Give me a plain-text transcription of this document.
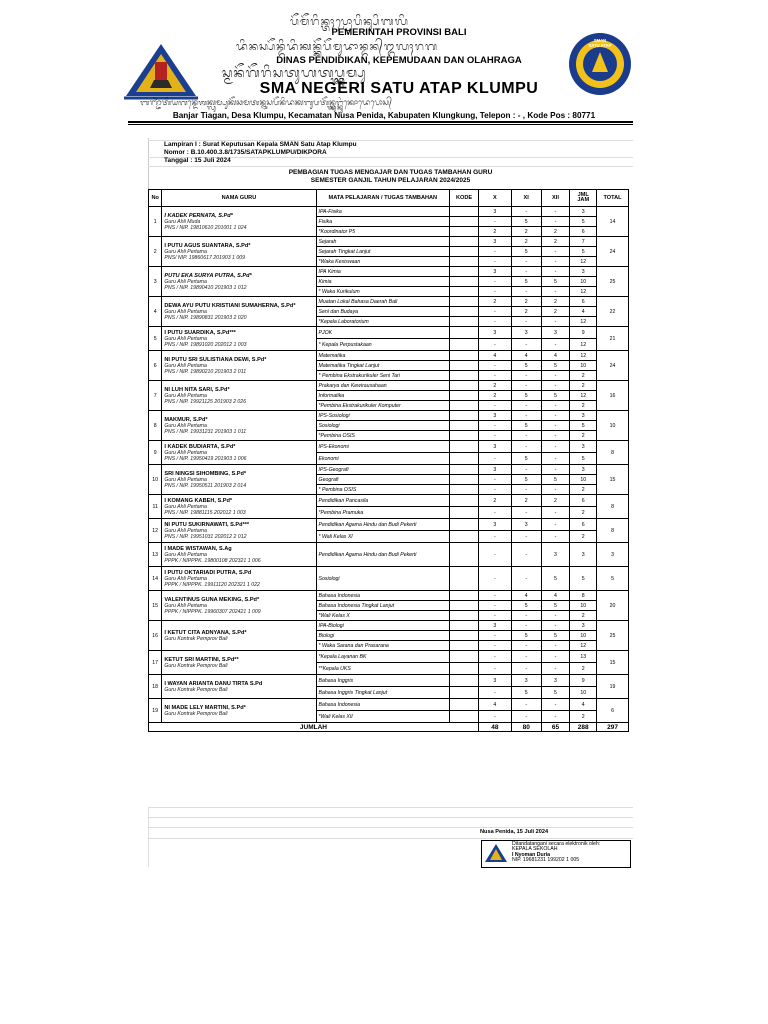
ᬧᭂᬫᭂᬭᬶᬦ᭄ᬢᬄᬧ᭄ᬭᭀᬧᬶᬦ᭄ᬲᬶᬩᬮᬶ
PEMERINTAH PROVINSI BALI
ᬤᬶᬦᬲ᭄ᬧᭂᬦ᭄ᬤᬶᬤᬶᬓᬦ᭄ᬓᭂᬧᭂᬫᬸᬤᬵᬦ᭄ᬤᬦ᭄ᬑᬮᬄᬭᬕ
DINAS PENDIDIKAN, KEPEMUDAAN DAN OLAHRAGA
ᬲ᭄ᬫᬦᭂᬕᭂᬭᬶᬲᬢᬸᬳᬢᬧ᭄ᬓ᭄ᬮᬸᬫ᭄ᬧᬸ
SMA NEGERI SATU ATAP KLUMPU
ᬩᬜ᭄ᬚᬃᬢᬶᬬᬕᬦ᭄ᬤᬾᬰᬓ᭄ᬮᬸᬫ᭄ᬧᬸᬓᭂᬘᬫᬢᬦ᭄ᬦᬸᬲᬧᭂᬦᬶᬤᬓᬩᬸᬧᬢᭂᬦ᭄ᬓ᭄ᬮᬸᬗ᭄ᬓᬸᬂᬓᭀᬤᬾᬧᭀᬲ᭄
Banjar Tiagan, Desa Klumpu, Kecamatan Nusa Penida, Kabupaten Klungkung, Telepon : - , Kode Pos : 80771
SMAN
SATU ATAP
Lampiran I : Surat Keputusan Kepala SMAN Satu Atap Klumpu
Nomor : B.10.400.3.8/1735/SATAPKLUMPU/DIKPORA
Tanggal : 15 Juli 2024
PEMBAGIAN TUGAS MENGAJAR DAN TUGAS TAMBAHAN GURU
SEMESTER GANJIL TAHUN PELAJARAN 2024/2025
No	NAMA GURU	MATA PELAJARAN / TUGAS TAMBAHAN	KODE	X	XI	XII	JML JAM	TOTAL
1	I KADEK PERNATA, S.Pd*
Guru Ahli Muda
PNS / NIP. 19810610 201001 1 024	IPA-Fisika		3	-	-	3	14
		Fisika		-	5	-	5	
		*Koordinator P5		2	2	2	6	
2	I PUTU AGUS SUANTARA, S.Pd*
Guru Ahli Pertama
PNS/ NIP. 19860617 201903 1 009	Sejarah		3	2	2	7	24
		Sejarah Tingkat Lanjut		-	5	-	5	
		*Waka Kesiswaan		-	-	-	12	
3	PUTU EKA SURYA PUTRA, S.Pd*
Guru Ahli Pertama
PNS / NIP. 19890410 201903 1 012	IPA Kimia		3	-	-	3	25
		Kimia		-	5	5	10	
		* Waka Kurikulum		-	-	-	12	
4	DEWA AYU PUTU KRISTIANI SUMAHERNA, S.Pd*
Guru Ahli Pertama
PNS / NIP. 19890831 201903 2 020	Muatan Lokal Bahasa Daerah Bali		2	2	2	6	22
		Seni dan Budaya		-	2	2	4	
		*Kepala Laboratorium		-	-	-	12	
5	I PUTU SUARDIKA, S.Pd***
Guru Ahli Pertama
PNS / NIP. 19891020 202012 1 003	PJOK		3	3	3	9	21
		* Kepala Perpustakaan		-	-	-	12	
6	NI PUTU SRI SULISTIANA DEWI, S.Pd*
Guru Ahli Pertama
PNS / NIP. 19890210 201903 2 011	Matematika		4	4	4	12	24
		Matematika Tingkat Lanjut		-	5	5	10	
		* Pembina Ekstrakurikuler Seni Tari		-	-	-	2	
7	NI LUH NITA SARI, S.Pd*
Guru Ahli Pertama
PNS / NIP. 19921125 201903 2 026	Prakarya dan Kewirausahaan		2	-	-	2	16
		Informatika		2	5	5	12	
		*Pembina Ekstrakurikuler Komputer		-	-	-	2	
8	MAKMUR, S.Pd*
Guru Ahli Pertama
PNS / NIP. 19931231 201903 1 011	IPS-Sosiologi		3	-	-	3	10
		Sosiologi		-	5	-	5	
		*Pembina OSIS		-	-	-	2	
9	I KADEK BUDIARTA, S.Pd*
Guru Ahli Pertama
PNS / NIP. 19950419 201903 1 006	IPS-Ekonomi		3	-	-	3	8
		Ekonomi		-	5	-	5	
10	SRI NINGSI SIHOMBING, S.Pd*
Guru Ahli Pertama
PNS / NIP. 19950511 201903 2 014	IPS-Geografi		3	-	-	3	15
		Geografi		-	5	5	10	
		* Pembina OSIS		-	-	-	2	
11	I KOMANG KABEH, S.Pd*
Guru Ahli Pertama
PNS / NIP. 19881115 202012 1 003	Pendidikan Pancasila		2	2	2	6	8
		*Pembina Pramuka		-	-	-	2	
12	NI PUTU SUKIRNAWATI, S.Pd***
Guru Ahli Pertama
PNS / NIP. 19951031 202012 2 012	Pendidikan Agama Hindu dan Budi Pekerti		3	3	-	6	8
		* Wali Kelas XI		-	-	-	2	
13	I MADE WISTAWAN, S.Ag
Guru Ahli Pertama
PPPK / NIPPPK. 19800108 202321 1 006	Pendidikan Agama Hindu dan Budi Pekerti		-	-	3	3	3
14	I PUTU OKTARIADI PUTRA, S.Pd
Guru Ahli Pertama
PPPK / NIPPPK. 19911120 202321 1 022	Sosiologi		-	-	5	5	5
15	VALENTINUS GUNA MEKING, S.Pd*
Guru Ahli Pertama
PPPK / NIPPPK. 19960307 202421 1 009	Bahasa Indonesia		-	4	4	8	20
		Bahasa Indonesia Tingkat Lanjut		-	5	5	10	
		*Wali Kelas X		-	-	-	2	
16	I KETUT CITA ADNYANA, S.Pd*
Guru Kontrak Pemprov Bali	IPA-Biologi		3	-	-	3	25
		Biologi		-	5	5	10	
		* Waka Sarana dan Prasarana		-	-	-	12	
17	KETUT SRI MARTINI, S.Pd**
Guru Kontrak Pemprov Bali	*Kepala Layanan BK		-	-	-	13	15
		**Kepala UKS		-	-	-	2	
18	I WAYAN ARIANTA DANU TIRTA S.Pd
Guru Kontrak Pemprov Bali	Bahasa Inggris		3	3	3	9	19
		Bahasa Inggris Tingkat Lanjut		-	5	5	10	
19	NI MADE LELY MARTINI, S.Pd*
Guru Kontrak Pemprov Bali	Bahasa Indonesia		4	-	-	4	6
		*Wali Kelas XII		-	-	-	2	
JUMLAH				48	80	65	288	297
Nusa Penida, 15 Juli 2024
Ditandatangani secara elektronik oleh:
KEPALA SEKOLAH
I Nyoman Duria
NIP. 19681231 199202 1 005
